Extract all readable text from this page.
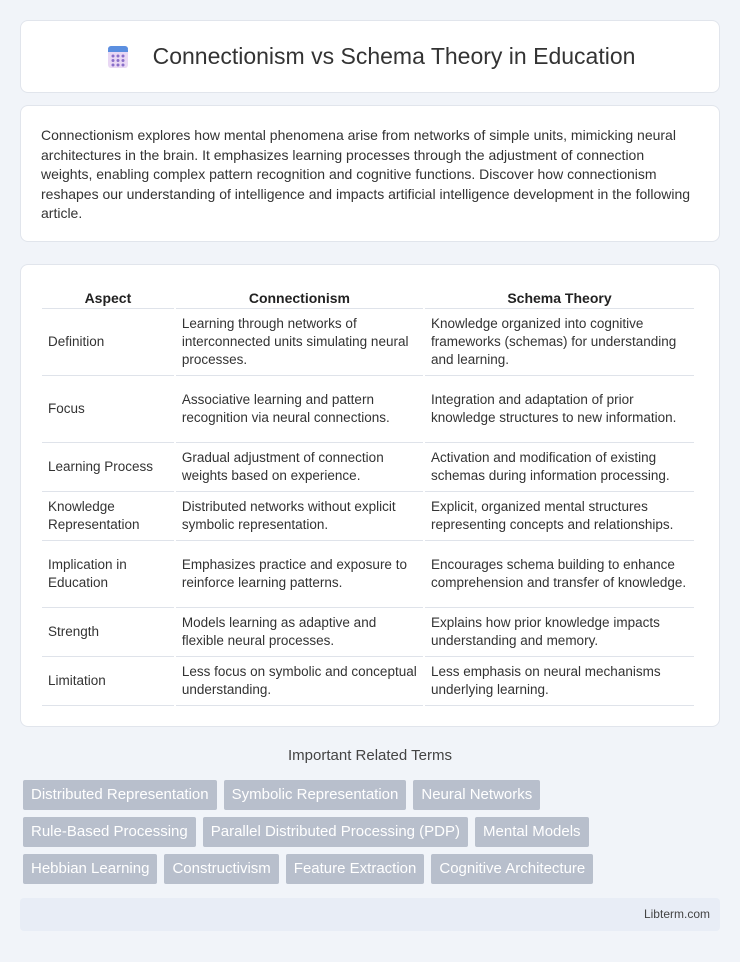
Connectionism vs Schema Theory in Education

Connectionism explores how mental phenomena arise from networks of simple units, mimicking neural architectures in the brain. It emphasizes learning processes through the adjustment of connection weights, enabling complex pattern recognition and cognitive functions. Discover how connectionism reshapes our understanding of intelligence and impacts artificial intelligence development in the following article.

Aspect	Connectionism	Schema Theory
Definition	Learning through networks of interconnected units simulating neural processes.	Knowledge organized into cognitive frameworks (schemas) for understanding and learning.
Focus	Associative learning and pattern recognition via neural connections.	Integration and adaptation of prior knowledge structures to new information.
Learning Process	Gradual adjustment of connection weights based on experience.	Activation and modification of existing schemas during information processing.
Knowledge Representation	Distributed networks without explicit symbolic representation.	Explicit, organized mental structures representing concepts and relationships.
Implication in Education	Emphasizes practice and exposure to reinforce learning patterns.	Encourages schema building to enhance comprehension and transfer of knowledge.
Strength	Models learning as adaptive and flexible neural processes.	Explains how prior knowledge impacts understanding and memory.
Limitation	Less focus on symbolic and conceptual understanding.	Less emphasis on neural mechanisms underlying learning.
Important Related Terms
Distributed Representation	Symbolic Representation	Neural Networks
Rule-Based Processing	Parallel Distributed Processing (PDP)	Mental Models
Hebbian Learning	Constructivism	Feature Extraction	Cognitive Architecture
Libterm.com
